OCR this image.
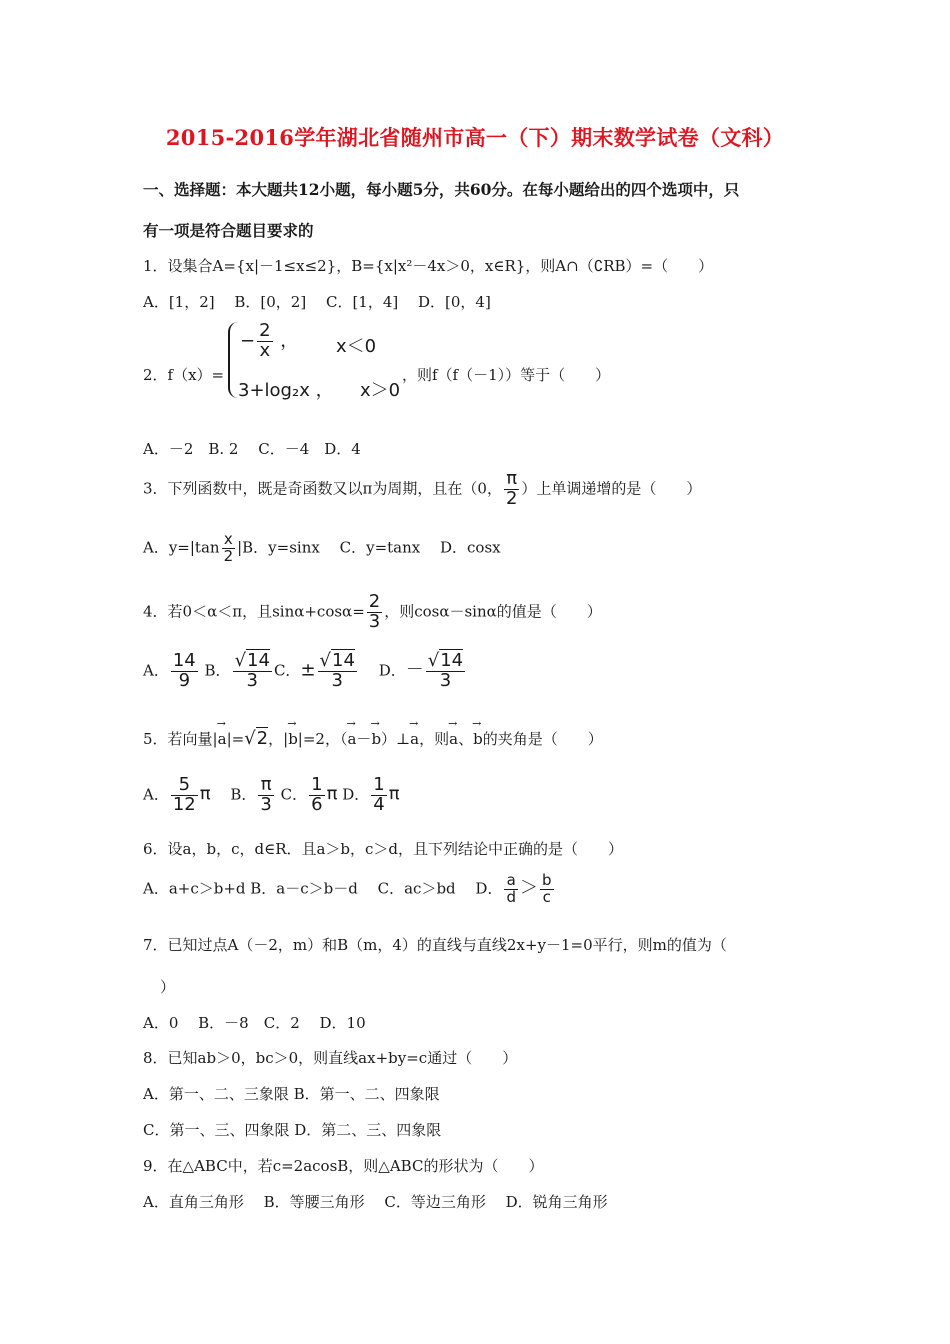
2015-2016学年湖北省随州市高一（下）期末数学试卷（文科）
一、选择题：本大题共12小题，每小题5分，共60分。在每小题给出的四个选项中，只
有一项是符合题目要求的
1．设集合A={x|－1≤x≤2}，B={x|x²－4x＞0，x∈R}，则A∩（∁RB）=（　　）
A．[1，2]　 B．[0，2]　 C．[1，4]　 D．[0，4]
2．f（x）=
− $\frac{2}{x}$ ， x＜0
3+log₂x ， x＞0
，则f（f（－1））等于（　　）
A．－2　B. 2　 C．－4　D．4
3．下列函数中，既是奇函数又以π为周期，且在（0， $\frac{\pi}{2}$ ）上单调递增的是（　　）
A．$y=|\tan \frac{x}{2} |B$．y=sinx　 C．y=tanx　 D．cosx
4．若0＜α＜π，且$\sin\alpha+\cos\alpha= \frac{2}{3}$ ，则cosα－sinα的值是（　　）
A． $\frac{14}{9}$ B． $\frac{√14}{3}$ C．± $\frac{√14}{3}$
　 D．－ $\frac{√14}{3}$
5．若向量|→ a|=√2，|→ b|=2，（→ a－→ b）⊥→ a，则→ a、→ b的夹角是（　　）
A． $\frac{5}{12}$ π　 B． $\frac{\pi}{3}$ C． $\frac{1}{6}$ π D． $\frac{1}{4}$ π
6．设a，b，c，d∈R．且a＞b，c＞d，且下列结论中正确的是（　　）
A．a+c＞b+d B．a－c＞b－d　 C．ac＞bd　 D． $\frac{a}{d} > \frac{b}{c}$
7．已知过点A（－2，m）和B（m，4）的直线与直线2x+y－1=0平行，则m的值为（
）
A．0　 B．－8　C．2　 D．10
8．已知ab＞0，bc＞0，则直线ax+by=c通过（　　）
A．第一、二、三象限 B．第一、二、四象限
C．第一、三、四象限 D．第二、三、四象限
9．在△ABC中，若c=2acosB，则△ABC的形状为（　　）
A．直角三角形　 B．等腰三角形　 C．等边三角形　 D．锐角三角形
